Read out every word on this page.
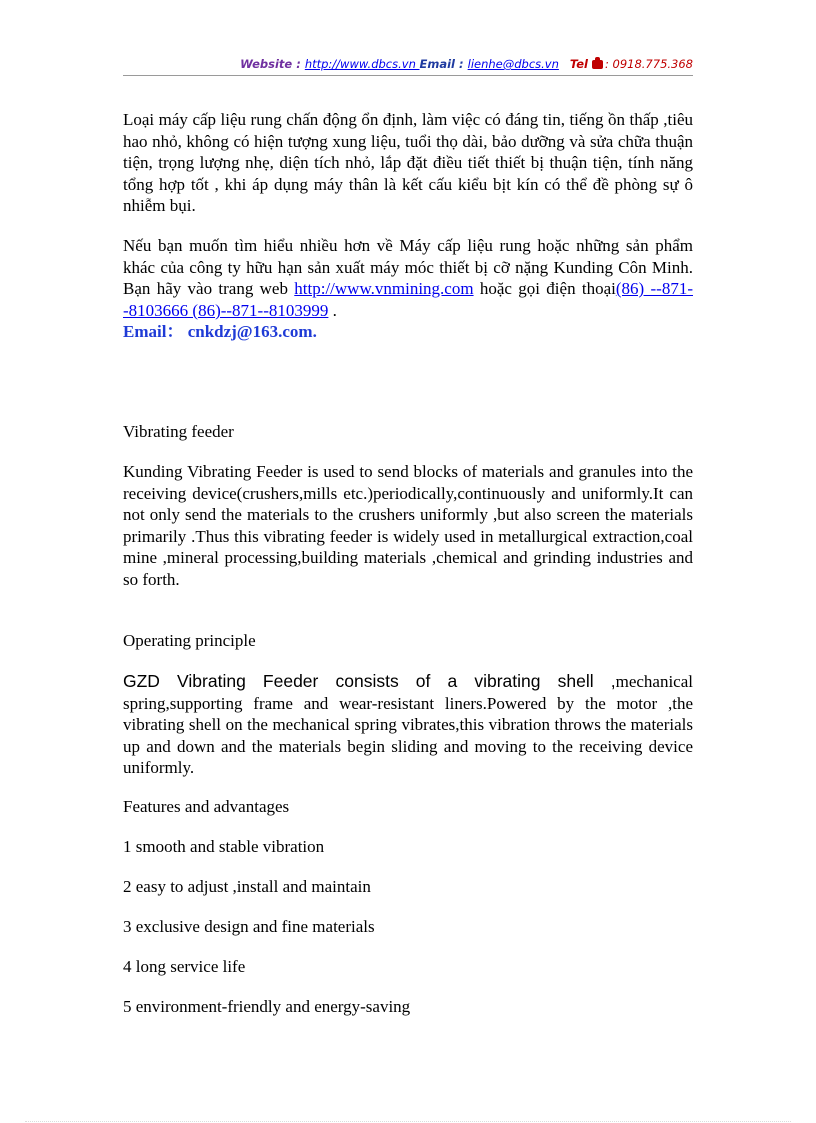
Website : http://www.dbcs.vn Email : lienhe@dbcs.vn Tel : 0918.775.368

Loại máy cấp liệu rung chấn động ổn định, làm việc có đáng tin, tiếng ồn thấp ,tiêu hao nhỏ, không có hiện tượng xung liệu, tuổi thọ dài, bảo dưỡng và sửa chữa thuận tiện, trọng lượng nhẹ, diện tích nhỏ, lắp đặt điều tiết thiết bị thuận tiện, tính năng tổng hợp tốt , khi áp dụng máy thân là kết cấu kiểu bịt kín có thể đề phòng sự ô nhiễm bụi.

Nếu bạn muốn tìm hiểu nhiều hơn về Máy cấp liệu rung hoặc những sản phẩm khác của công ty hữu hạn sản xuất máy móc thiết bị cỡ nặng Kunding Côn Minh. Bạn hãy vào trang web http://www.vnmining.com hoặc gọi điện thoại(86) --871--8103666 (86)--871--8103999 .

Email： cnkdzj@163.com.

Vibrating feeder

Kunding Vibrating Feeder is used to send blocks of materials and granules into the receiving device(crushers,mills etc.)periodically,continuously and uniformly.It can not only send the materials to the crushers uniformly ,but also screen the materials primarily .Thus this vibrating feeder is widely used in metallurgical extraction,coal mine ,mineral processing,building materials ,chemical and grinding industries and so forth.

Operating principle

GZD Vibrating Feeder consists of a vibrating shell ,mechanical spring,supporting frame and wear-resistant liners.Powered by the motor ,the vibrating shell on the mechanical spring vibrates,this vibration throws the materials up and down and the materials begin sliding and moving to the receiving device uniformly.

Features and advantages

1 smooth and stable vibration

2 easy to adjust ,install and maintain

3 exclusive design and fine materials

4 long service life

5 environment-friendly and energy-saving
